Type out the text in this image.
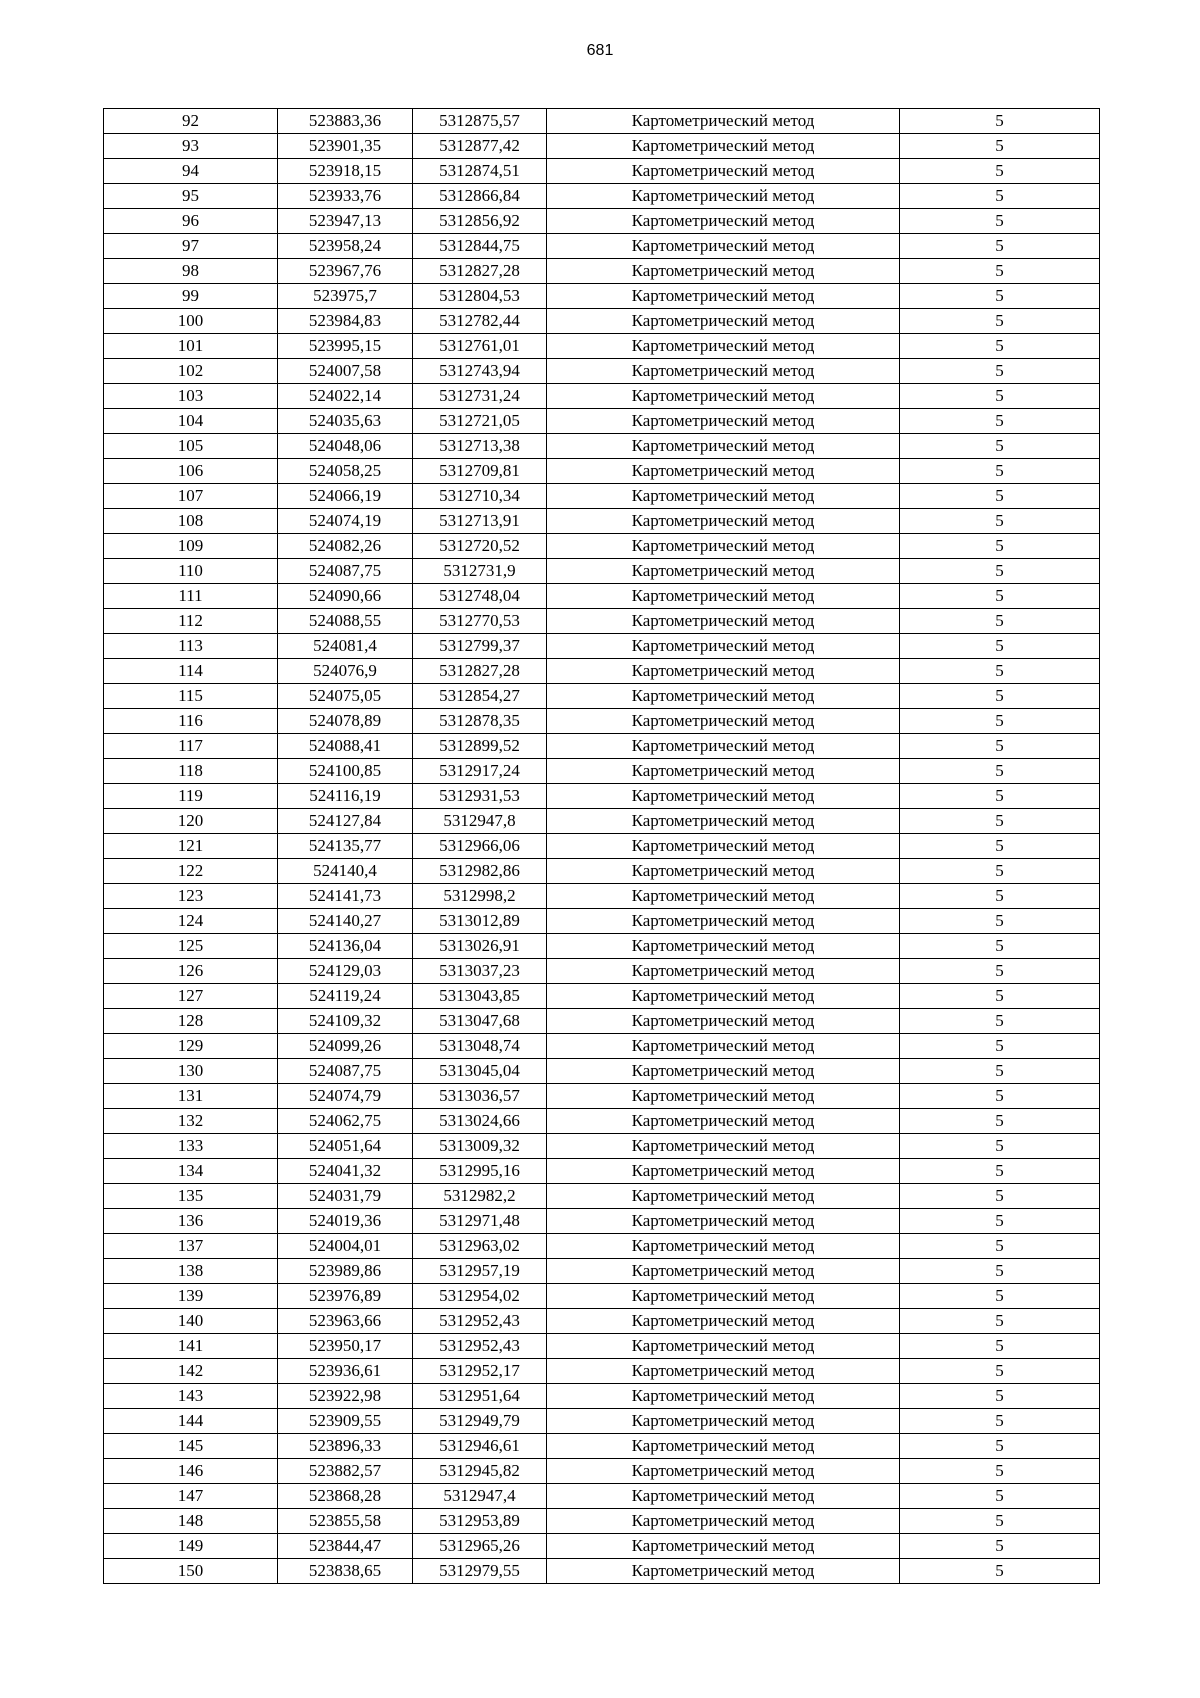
681
92	523883,36	5312875,57	Картометрический метод	5
93	523901,35	5312877,42	Картометрический метод	5
94	523918,15	5312874,51	Картометрический метод	5
95	523933,76	5312866,84	Картометрический метод	5
96	523947,13	5312856,92	Картометрический метод	5
97	523958,24	5312844,75	Картометрический метод	5
98	523967,76	5312827,28	Картометрический метод	5
99	523975,7	5312804,53	Картометрический метод	5
100	523984,83	5312782,44	Картометрический метод	5
101	523995,15	5312761,01	Картометрический метод	5
102	524007,58	5312743,94	Картометрический метод	5
103	524022,14	5312731,24	Картометрический метод	5
104	524035,63	5312721,05	Картометрический метод	5
105	524048,06	5312713,38	Картометрический метод	5
106	524058,25	5312709,81	Картометрический метод	5
107	524066,19	5312710,34	Картометрический метод	5
108	524074,19	5312713,91	Картометрический метод	5
109	524082,26	5312720,52	Картометрический метод	5
110	524087,75	5312731,9	Картометрический метод	5
111	524090,66	5312748,04	Картометрический метод	5
112	524088,55	5312770,53	Картометрический метод	5
113	524081,4	5312799,37	Картометрический метод	5
114	524076,9	5312827,28	Картометрический метод	5
115	524075,05	5312854,27	Картометрический метод	5
116	524078,89	5312878,35	Картометрический метод	5
117	524088,41	5312899,52	Картометрический метод	5
118	524100,85	5312917,24	Картометрический метод	5
119	524116,19	5312931,53	Картометрический метод	5
120	524127,84	5312947,8	Картометрический метод	5
121	524135,77	5312966,06	Картометрический метод	5
122	524140,4	5312982,86	Картометрический метод	5
123	524141,73	5312998,2	Картометрический метод	5
124	524140,27	5313012,89	Картометрический метод	5
125	524136,04	5313026,91	Картометрический метод	5
126	524129,03	5313037,23	Картометрический метод	5
127	524119,24	5313043,85	Картометрический метод	5
128	524109,32	5313047,68	Картометрический метод	5
129	524099,26	5313048,74	Картометрический метод	5
130	524087,75	5313045,04	Картометрический метод	5
131	524074,79	5313036,57	Картометрический метод	5
132	524062,75	5313024,66	Картометрический метод	5
133	524051,64	5313009,32	Картометрический метод	5
134	524041,32	5312995,16	Картометрический метод	5
135	524031,79	5312982,2	Картометрический метод	5
136	524019,36	5312971,48	Картометрический метод	5
137	524004,01	5312963,02	Картометрический метод	5
138	523989,86	5312957,19	Картометрический метод	5
139	523976,89	5312954,02	Картометрический метод	5
140	523963,66	5312952,43	Картометрический метод	5
141	523950,17	5312952,43	Картометрический метод	5
142	523936,61	5312952,17	Картометрический метод	5
143	523922,98	5312951,64	Картометрический метод	5
144	523909,55	5312949,79	Картометрический метод	5
145	523896,33	5312946,61	Картометрический метод	5
146	523882,57	5312945,82	Картометрический метод	5
147	523868,28	5312947,4	Картометрический метод	5
148	523855,58	5312953,89	Картометрический метод	5
149	523844,47	5312965,26	Картометрический метод	5
150	523838,65	5312979,55	Картометрический метод	5
